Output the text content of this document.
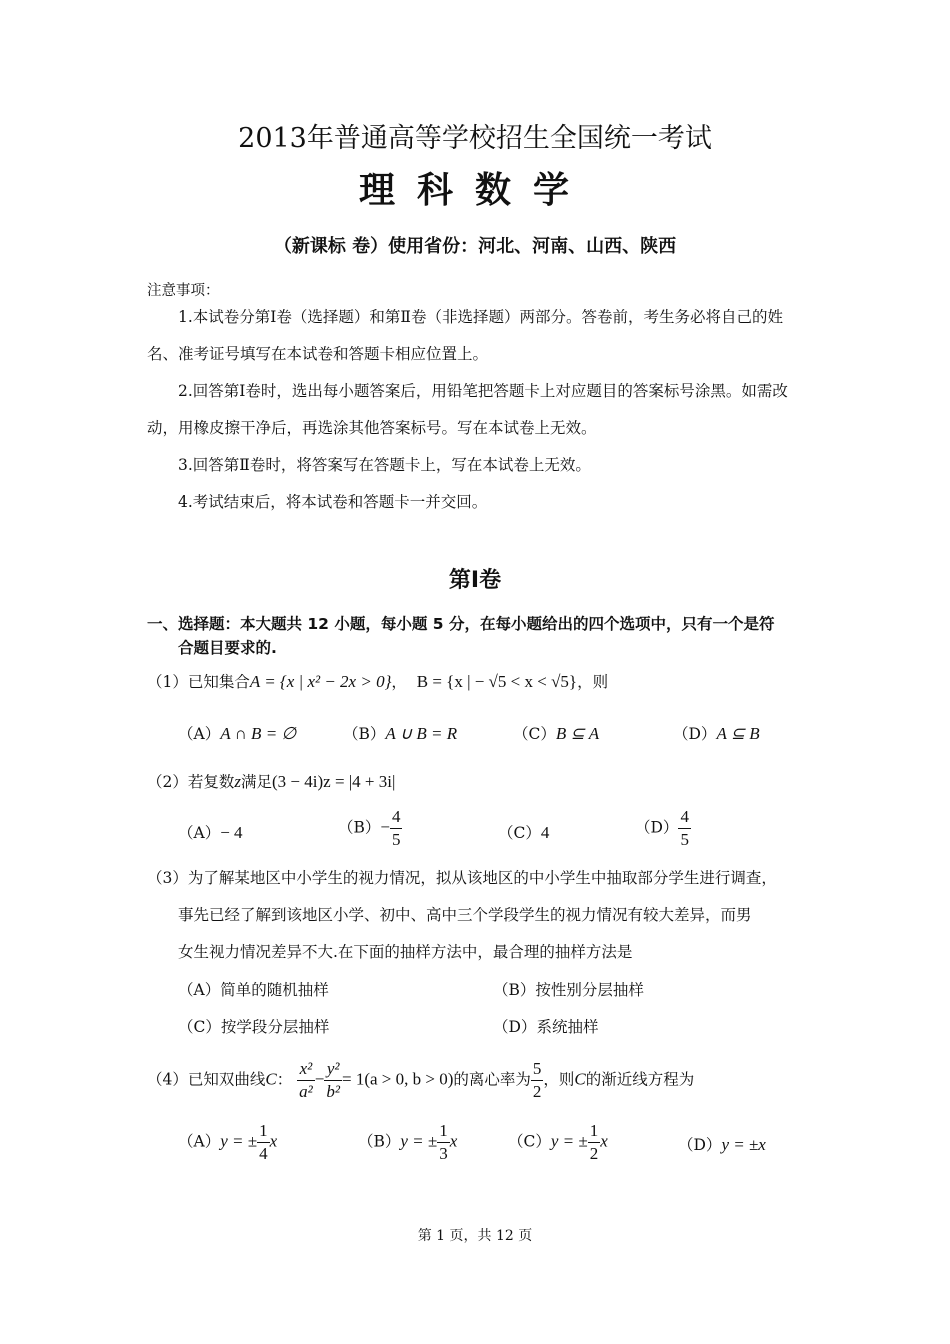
2013年普通高等学校招生全国统一考试
理科数学
（新课标 卷）使用省份：河北、河南、山西、陕西
注意事项：
1.本试卷分第Ⅰ卷（选择题）和第Ⅱ卷（非选择题）两部分。答卷前，考生务必将自己的姓名、准考证号填写在本试卷和答题卡相应位置上。
2.回答第Ⅰ卷时，选出每小题答案后，用铅笔把答题卡上对应题目的答案标号涂黑。如需改动，用橡皮擦干净后，再选涂其他答案标号。写在本试卷上无效。
3.回答第Ⅱ卷时，将答案写在答题卡上，写在本试卷上无效。
4.考试结束后，将本试卷和答题卡一并交回。
第Ⅰ卷
一、选择题：本大题共 12 小题，每小题 5 分，在每小题给出的四个选项中，只有一个是符
合题目要求的.
（1）已知集合A = {x | x² − 2x > 0}，  B = {x | − √5 < x < √5}，则
（A）A ∩ B = ∅	（B）A ∪ B = R	（C）B ⊆ A	（D）A ⊆ B
（2）若复数z满足(3 − 4i)z = |4 + 3i|
（A）− 4	$(B)- \frac{4}{5}$	（C）4	$(D) \frac{4}{5}$
（3）为了解某地区中小学生的视力情况，拟从该地区的中小学生中抽取部分学生进行调查，
事先已经了解到该地区小学、初中、高中三个学段学生的视力情况有较大差异，而男
女生视力情况差异不大.在下面的抽样方法中，最合理的抽样方法是
（A）简单的随机抽样	（B）按性别分层抽样
（C）按学段分层抽样	（D）系统抽样
（4）已知双曲线C： $\frac{\text{x²}}{\text{a²}} - \frac{\text{y²}}{\text{b²}} = 1(a > 0$, b > 0)的离心率为 $\frac{5}{2}$ ，则C的渐近线方程为
（A）y = ± $\frac{1}{4}$ x	（B）y = ± $\frac{1}{3}$ x	（C）y = ± $\frac{1}{2}$ x	（D）y = ±x
第 1 页，共 12 页
